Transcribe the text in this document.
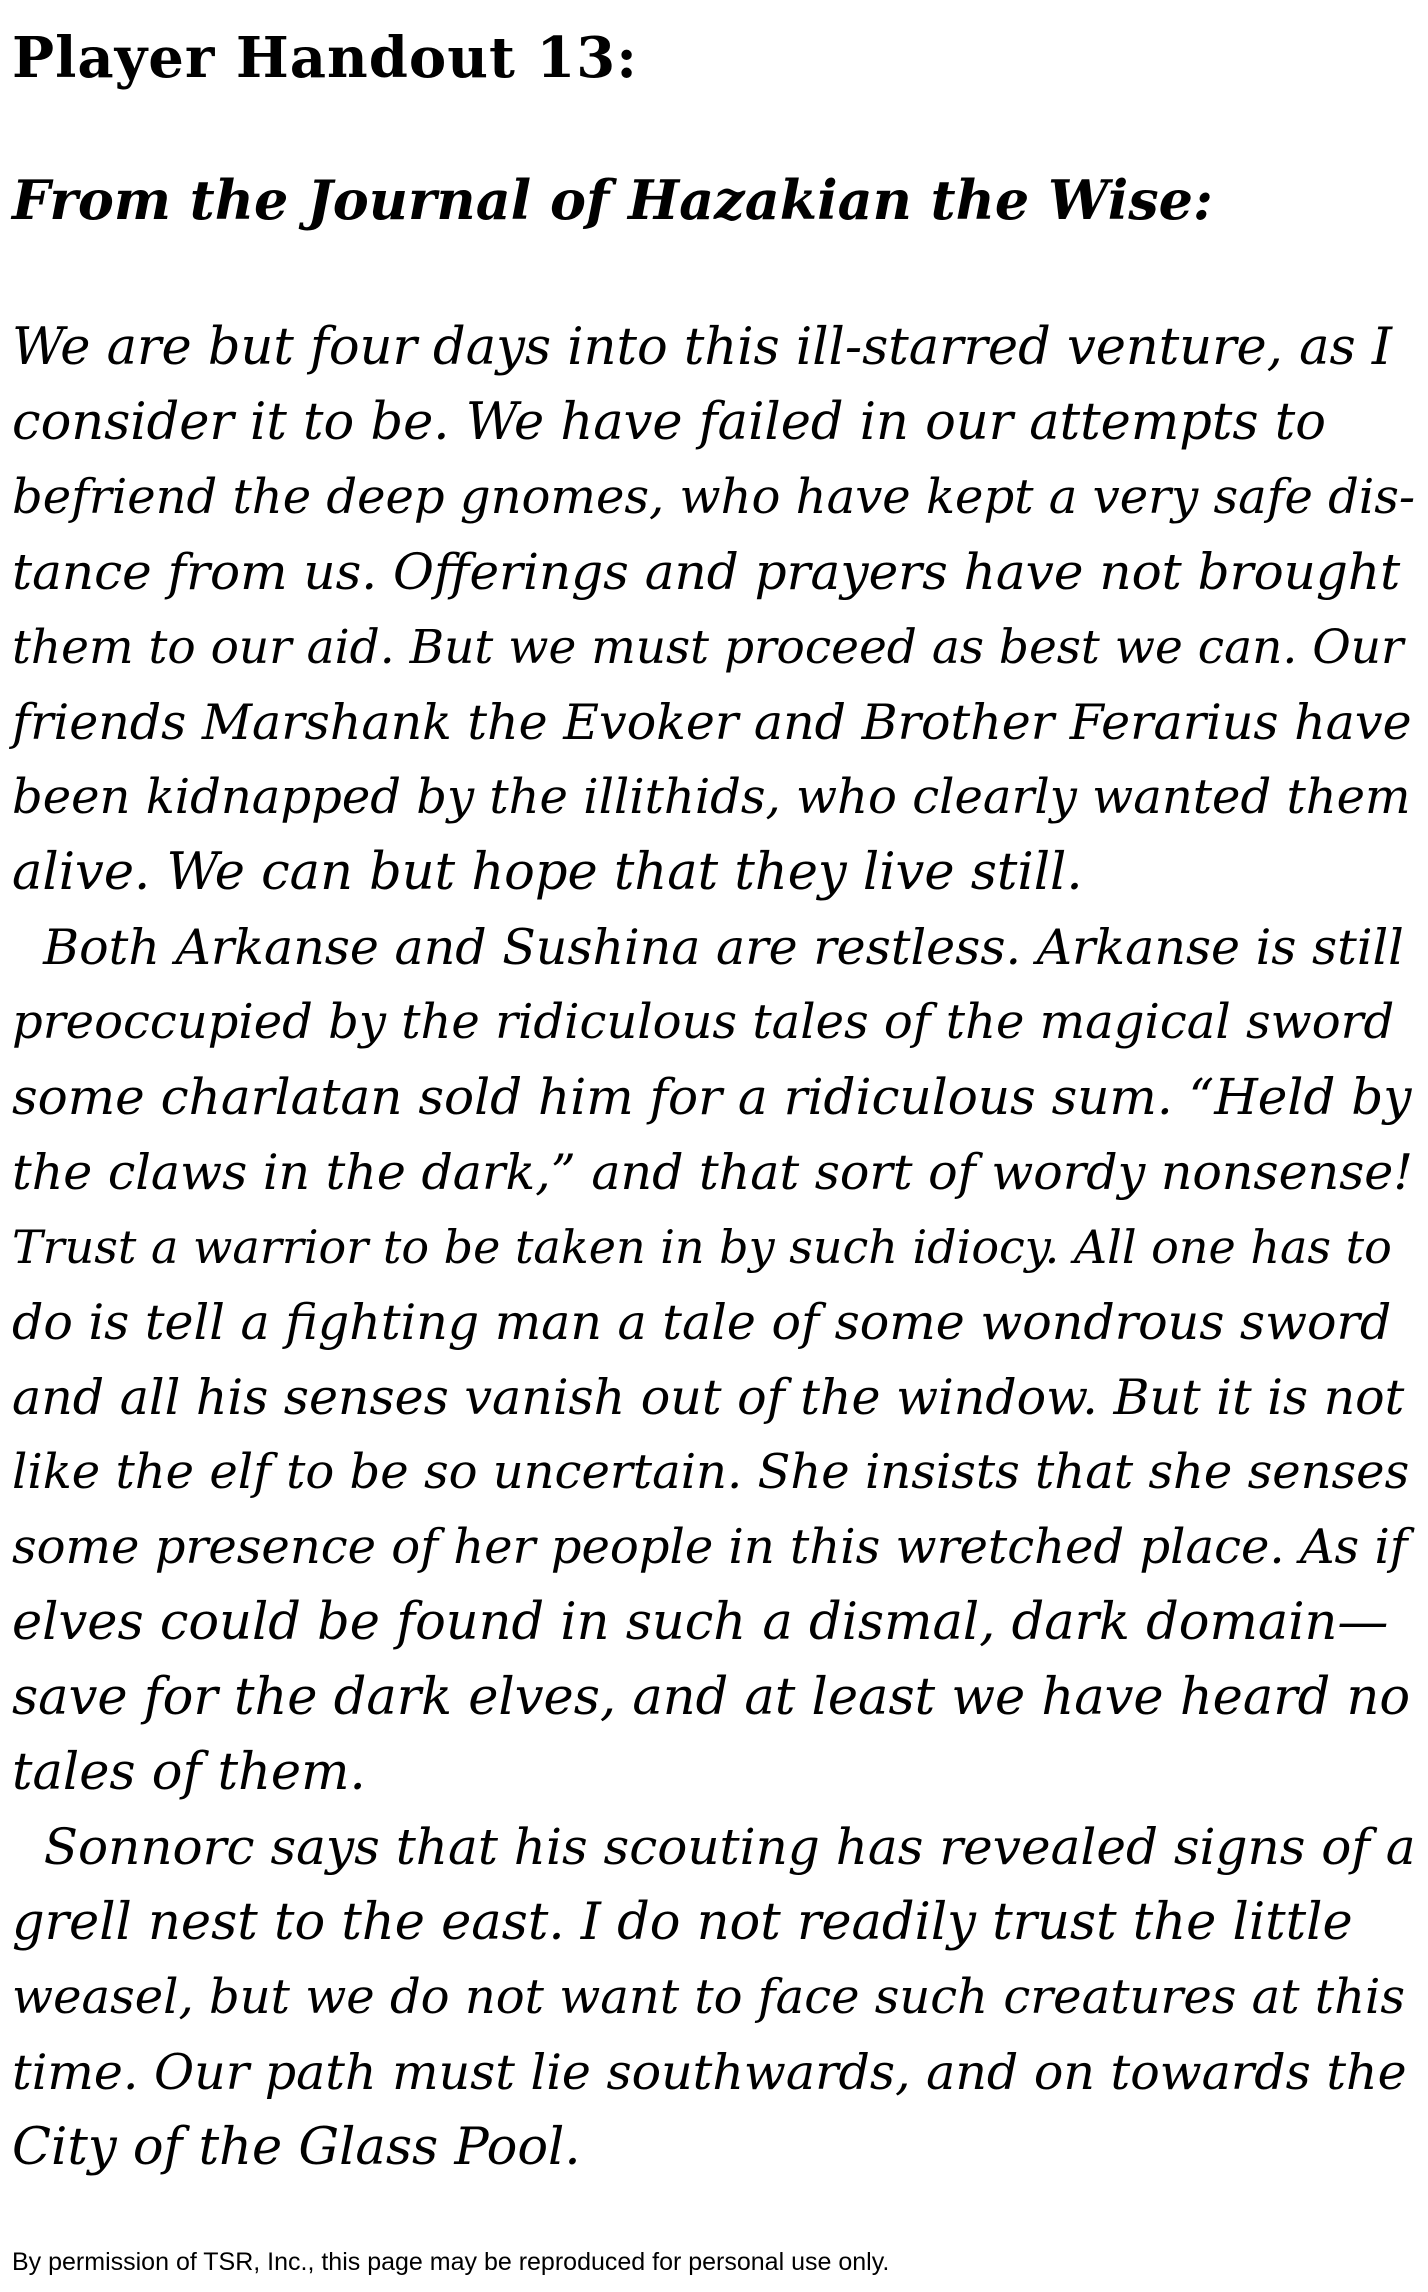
Player Handout 13:
From the Journal of Hazakian the Wise:

We are but four days into this ill-starred venture, as I

consider it to be. We have failed in our attempts to

befriend the deep gnomes, who have kept a very safe dis-

tance from us. Offerings and prayers have not brought

them to our aid. But we must proceed as best we can. Our

friends Marshank the Evoker and Brother Ferarius have

been kidnapped by the illithids, who clearly wanted them

alive. We can but hope that they live still.

Both Arkanse and Sushina are restless. Arkanse is still

preoccupied by the ridiculous tales of the magical sword

some charlatan sold him for a ridiculous sum. “Held by

the claws in the dark,” and that sort of wordy nonsense!

Trust a warrior to be taken in by such idiocy. All one has to

do is tell a fighting man a tale of some wondrous sword

and all his senses vanish out of the window. But it is not

like the elf to be so uncertain. She insists that she senses

some presence of her people in this wretched place. As if

elves could be found in such a dismal, dark domain—

save for the dark elves, and at least we have heard no

tales of them.

Sonnorc says that his scouting has revealed signs of a

grell nest to the east. I do not readily trust the little

weasel, but we do not want to face such creatures at this

time. Our path must lie southwards, and on towards the

City of the Glass Pool.

By permission of TSR, Inc., this page may be reproduced for personal use only.
